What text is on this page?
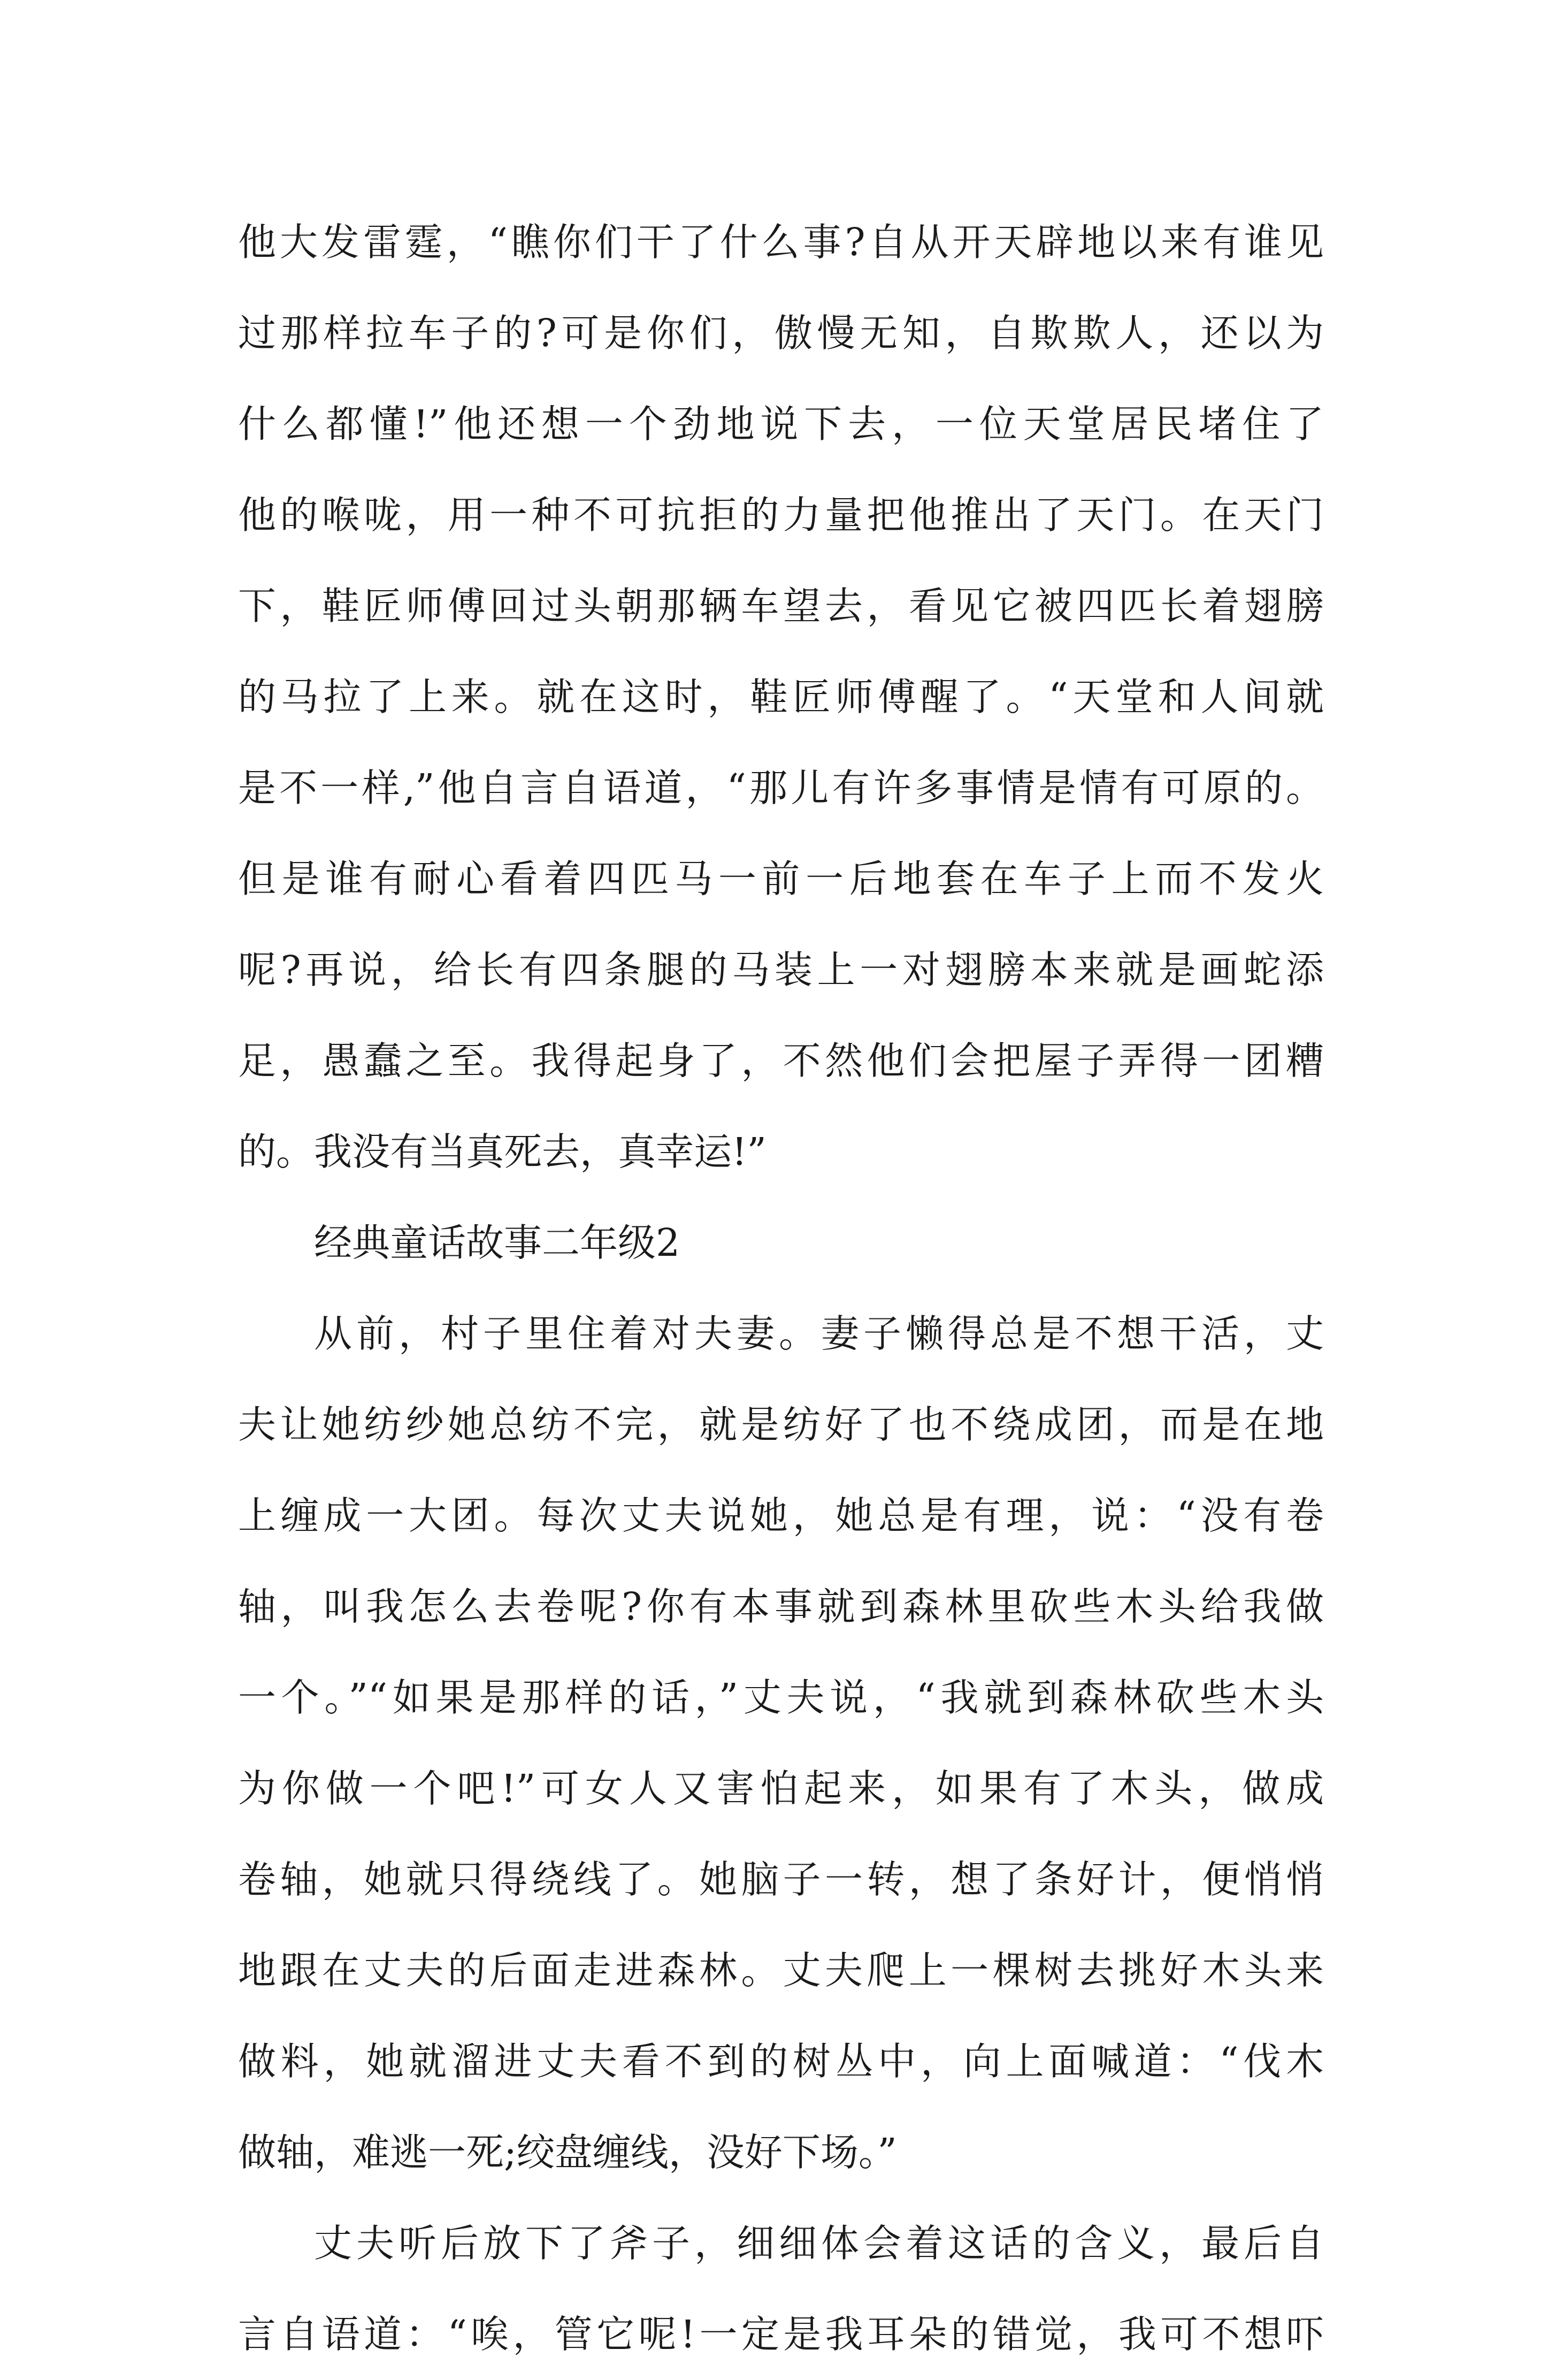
他大发雷霆，“瞧你们干了什么事?自从开天辟地以来有谁见
过那样拉车子的?可是你们，傲慢无知，自欺欺人，还以为
什么都懂!”他还想一个劲地说下去，一位天堂居民堵住了
他的喉咙，用一种不可抗拒的力量把他推出了天门。在天门
下，鞋匠师傅回过头朝那辆车望去，看见它被四匹长着翅膀
的马拉了上来。就在这时，鞋匠师傅醒了。“天堂和人间就
是不一样,”他自言自语道，“那儿有许多事情是情有可原的。
但是谁有耐心看着四匹马一前一后地套在车子上而不发火
呢?再说，给长有四条腿的马装上一对翅膀本来就是画蛇添
足，愚蠢之至。我得起身了，不然他们会把屋子弄得一团糟
的。我没有当真死去，真幸运!”
经典童话故事二年级2
从前，村子里住着对夫妻。妻子懒得总是不想干活，丈
夫让她纺纱她总纺不完，就是纺好了也不绕成团，而是在地
上缠成一大团。每次丈夫说她，她总是有理，说：“没有卷
轴，叫我怎么去卷呢?你有本事就到森林里砍些木头给我做
一个。”“如果是那样的话，”丈夫说，“我就到森林砍些木头
为你做一个吧!”可女人又害怕起来，如果有了木头，做成
卷轴，她就只得绕线了。她脑子一转，想了条好计，便悄悄
地跟在丈夫的后面走进森林。丈夫爬上一棵树去挑好木头来
做料，她就溜进丈夫看不到的树丛中，向上面喊道：“伐木
做轴，难逃一死;绞盘缠线，没好下场。”
丈夫听后放下了斧子，细细体会着这话的含义，最后自
言自语道：“唉，管它呢!一定是我耳朵的错觉，我可不想吓
